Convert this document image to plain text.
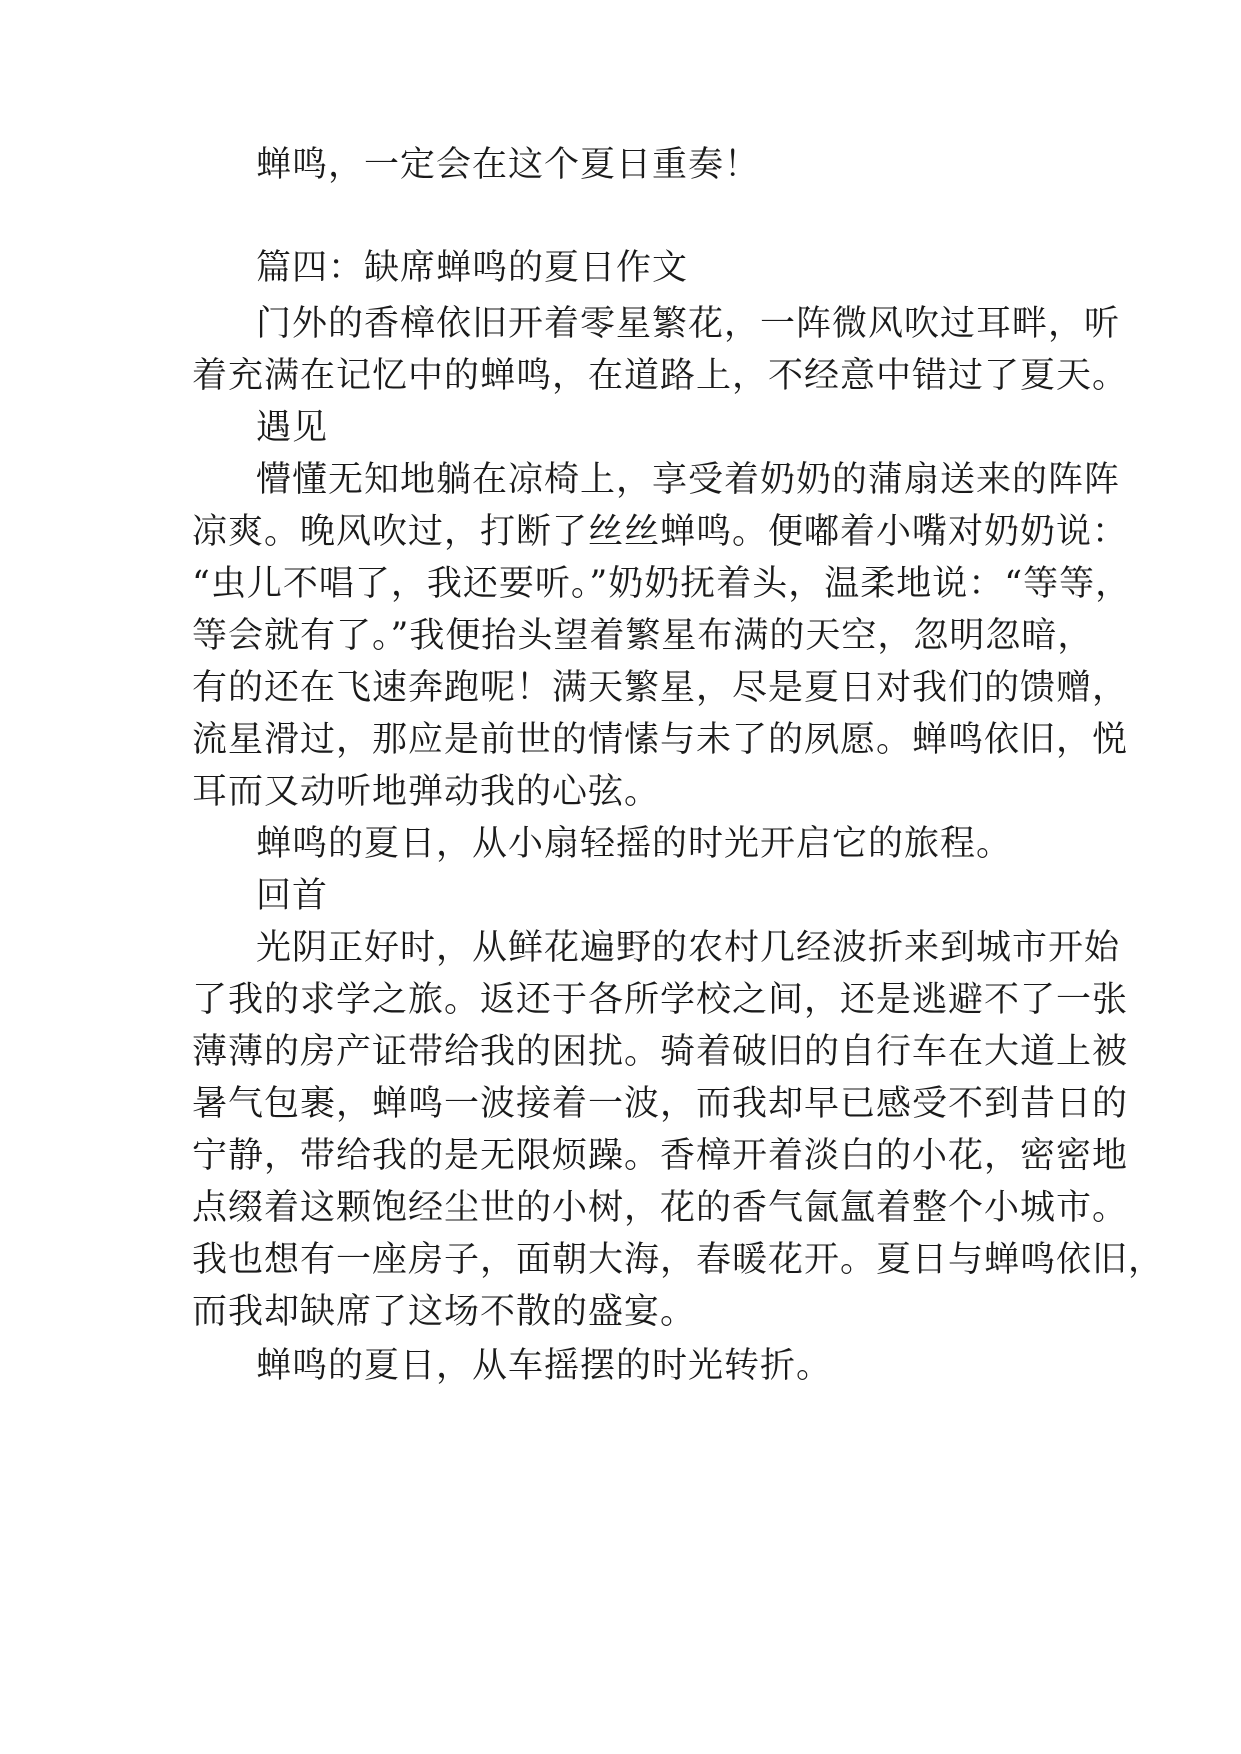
蝉鸣，一定会在这个夏日重奏！
篇四：缺席蝉鸣的夏日作文
门外的香樟依旧开着零星繁花，一阵微风吹过耳畔，听
着充满在记忆中的蝉鸣，在道路上，不经意中错过了夏天。
遇见
懵懂无知地躺在凉椅上，享受着奶奶的蒲扇送来的阵阵
凉爽。晚风吹过，打断了丝丝蝉鸣。便嘟着小嘴对奶奶说：
“虫儿不唱了，我还要听。”奶奶抚着头，温柔地说：“等等，
等会就有了。”我便抬头望着繁星布满的天空，忽明忽暗，
有的还在飞速奔跑呢！满天繁星，尽是夏日对我们的馈赠，
流星滑过，那应是前世的情愫与未了的夙愿。蝉鸣依旧，悦
耳而又动听地弹动我的心弦。
蝉鸣的夏日，从小扇轻摇的时光开启它的旅程。
回首
光阴正好时，从鲜花遍野的农村几经波折来到城市开始
了我的求学之旅。返还于各所学校之间，还是逃避不了一张
薄薄的房产证带给我的困扰。骑着破旧的自行车在大道上被
暑气包裹，蝉鸣一波接着一波，而我却早已感受不到昔日的
宁静，带给我的是无限烦躁。香樟开着淡白的小花，密密地
点缀着这颗饱经尘世的小树，花的香气氤氲着整个小城市。
我也想有一座房子，面朝大海，春暖花开。夏日与蝉鸣依旧，
而我却缺席了这场不散的盛宴。
蝉鸣的夏日，从车摇摆的时光转折。
